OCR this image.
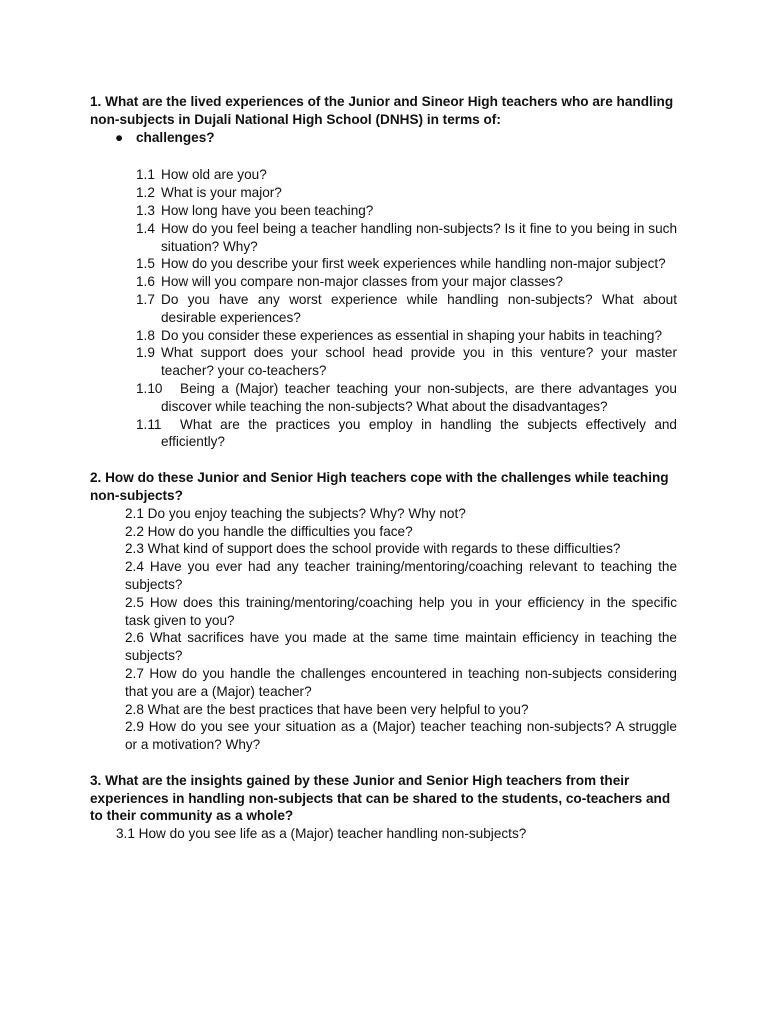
1. What are the lived experiences of the Junior and Sineor High teachers who are handling non-subjects in Dujali National High School (DNHS) in terms of:

● challenges?
1.1 How old are you?
1.2 What is your major?
1.3 How long have you been teaching?
1.4 How do you feel being a teacher handling non-subjects? Is it fine to you being in such situation? Why?
1.5 How do you describe your first week experiences while handling non-major subject?
1.6 How will you compare non-major classes from your major classes?
1.7 Do you have any worst experience while handling non-subjects? What about desirable experiences?
1.8 Do you consider these experiences as essential in shaping your habits in teaching?
1.9 What support does your school head provide you in this venture? your master teacher? your co-teachers?
1.10	Being a (Major) teacher teaching your non-subjects, are there advantages you discover while teaching the non-subjects? What about the disadvantages?
1.11	What are the practices you employ in handling the subjects effectively and efficiently?

2. How do these Junior and Senior High teachers cope with the challenges while teaching non-subjects?

2.1 Do you enjoy teaching the subjects? Why? Why not?
2.2 How do you handle the difficulties you face?
2.3 What kind of support does the school provide with regards to these difficulties?
2.4 Have you ever had any teacher training/mentoring/coaching relevant to teaching the subjects?
2.5 How does this training/mentoring/coaching help you in your efficiency in the specific task given to you?
2.6 What sacrifices have you made at the same time maintain efficiency in teaching the subjects?
2.7 How do you handle the challenges encountered in teaching non-subjects considering that you are a (Major) teacher?
2.8 What are the best practices that have been very helpful to you?
2.9 How do you see your situation as a (Major) teacher teaching non-subjects? A struggle or a motivation? Why?

3. What are the insights gained by these Junior and Senior High teachers from their experiences in handling non-subjects that can be shared to the students, co-teachers and to their community as a whole?

3.1 How do you see life as a (Major) teacher handling non-subjects?
